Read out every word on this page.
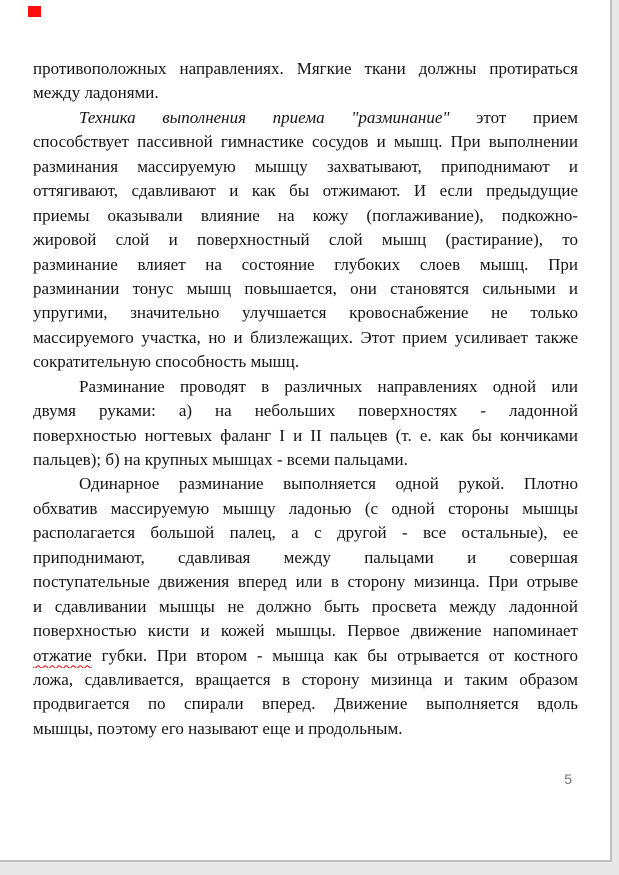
противоположных направлениях. Мягкие ткани должны протираться
между ладонями.
Техника выполнения приема "разминание" этот прием
способствует пассивной гимнастике сосудов и мышц. При выполнении
разминания массируемую мышцу захватывают, приподнимают и
оттягивают, сдавливают и как бы отжимают. И если предыдущие
приемы оказывали влияние на кожу (поглаживание), подкожно-
жировой слой и поверхностный слой мышц (растирание), то
разминание влияет на состояние глубоких слоев мышц. При
разминании тонус мышц повышается, они становятся сильными и
упругими, значительно улучшается кровоснабжение не только
массируемого участка, но и близлежащих. Этот прием усиливает также
сократительную способность мышц.
Разминание проводят в различных направлениях одной или
двумя руками: а) на небольших поверхностях - ладонной
поверхностью ногтевых фаланг I и II пальцев (т. е. как бы кончиками
пальцев); б) на крупных мышцах - всеми пальцами.
Одинарное разминание выполняется одной рукой. Плотно
обхватив массируемую мышцу ладонью (с одной стороны мышцы
располагается большой палец, а с другой - все остальные), ее
приподнимают, сдавливая между пальцами и совершая
поступательные движения вперед или в сторону мизинца. При отрыве
и сдавливании мышцы не должно быть просвета между ладонной
поверхностью кисти и кожей мышцы. Первое движение напоминает
отжатие губки. При втором - мышца как бы отрывается от костного
ложа, сдавливается, вращается в сторону мизинца и таким образом
продвигается по спирали вперед. Движение выполняется вдоль
мышцы, поэтому его называют еще и продольным.
5
